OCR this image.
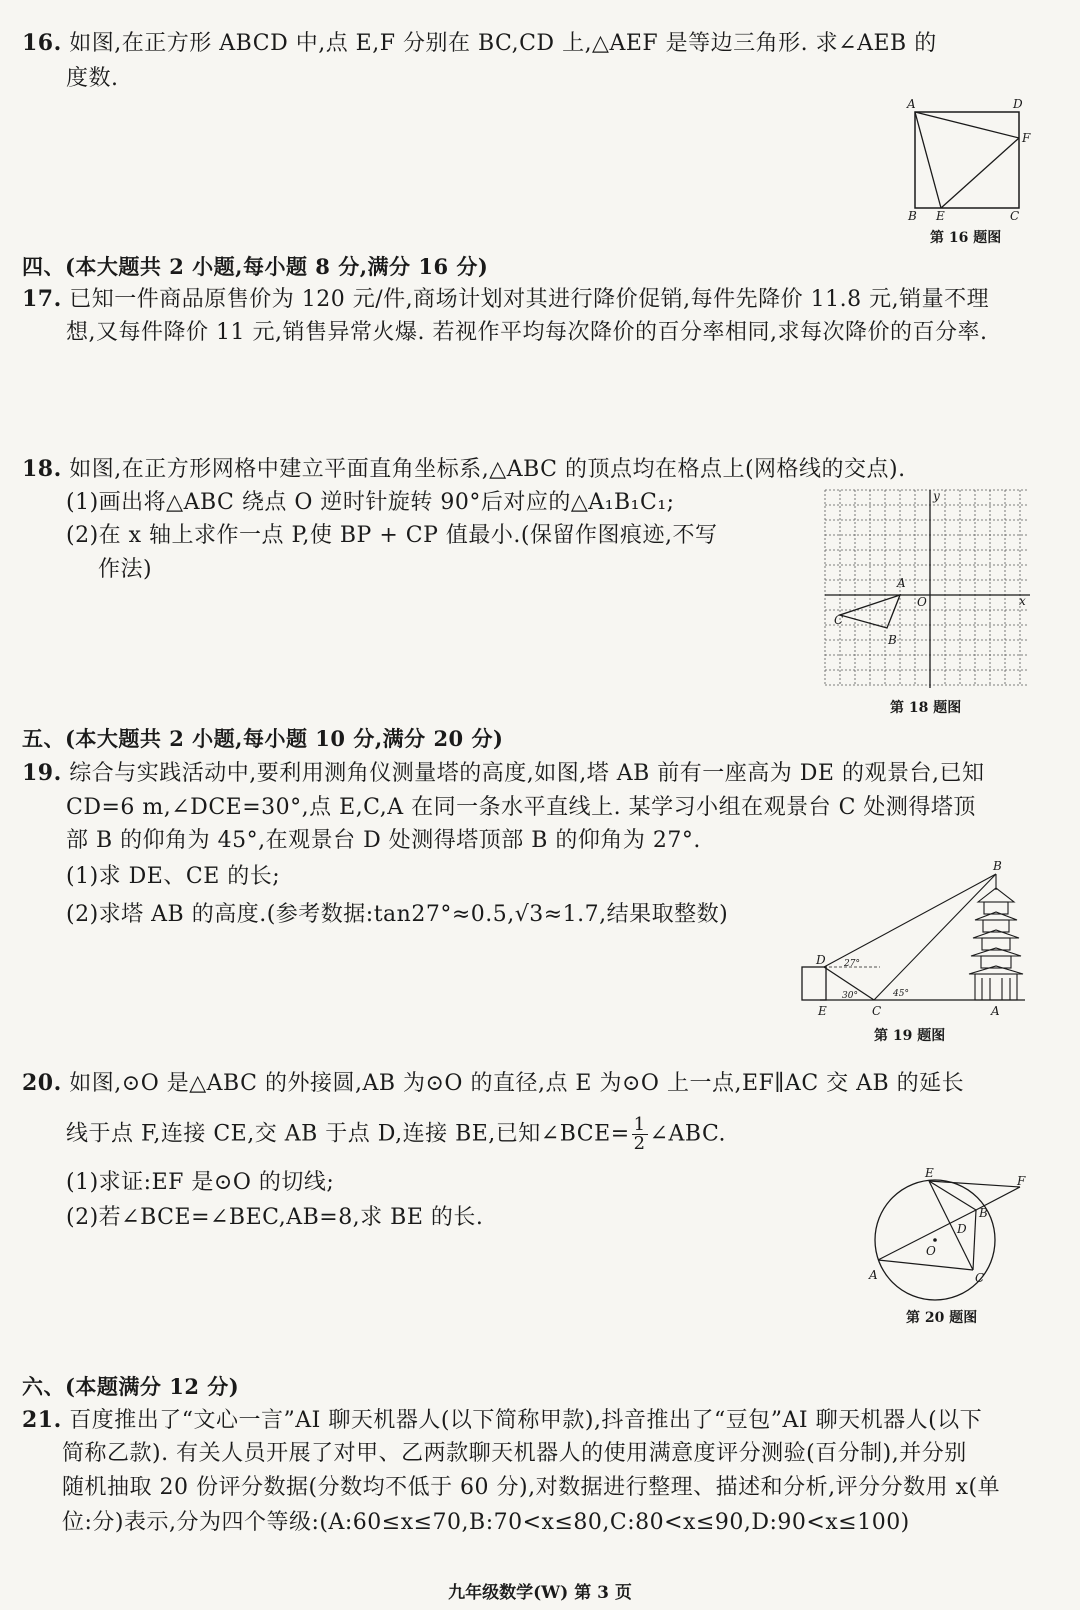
16. 如图,在正方形 ABCD 中,点 E,F 分别在 BC,CD 上,△AEF 是等边三角形. 求∠AEB 的
度数.
A	D
F
B E	C
第 16 题图
四、(本大题共 2 小题,每小题 8 分,满分 16 分)
17. 已知一件商品原售价为 120 元/件,商场计划对其进行降价促销,每件先降价 11.8 元,销量不理
想,又每件降价 11 元,销售异常火爆. 若视作平均每次降价的百分率相同,求每次降价的百分率.
18. 如图,在正方形网格中建立平面直角坐标系,△ABC 的顶点均在格点上(网格线的交点).
(1)画出将△ABC 绕点 O 逆时针旋转 90°后对应的△A₁B₁C₁;
(2)在 x 轴上求作一点 P,使 BP + CP 值最小.(保留作图痕迹,不写
作法)
y
x
O
A
C
B
第 18 题图
五、(本大题共 2 小题,每小题 10 分,满分 20 分)
19. 综合与实践活动中,要利用测角仪测量塔的高度,如图,塔 AB 前有一座高为 DE 的观景台,已知
CD=6 m,∠DCE=30°,点 E,C,A 在同一条水平直线上. 某学习小组在观景台 C 处测得塔顶
部 B 的仰角为 45°,在观景台 D 处测得塔顶部 B 的仰角为 27°.
(1)求 DE、CE 的长;
(2)求塔 AB 的高度.(参考数据:tan27°≈0.5,√3≈1.7,结果取整数)
B
D
E	C	A
27°
30°	45°
第 19 题图
20. 如图,⊙O 是△ABC 的外接圆,AB 为⊙O 的直径,点 E 为⊙O 上一点,EF∥AC 交 AB 的延长
线于点 F,连接 CE,交 AB 于点 D,连接 BE,已知∠BCE= $\frac{1}{2}$ ∠ABC.
(1)求证:EF 是⊙O 的切线;
(2)若∠BCE=∠BEC,AB=8,求 BE 的长.
E
F
B
D
O
A	C
第 20 题图
六、(本题满分 12 分)
21. 百度推出了“文心一言”AI 聊天机器人(以下简称甲款),抖音推出了“豆包”AI 聊天机器人(以下
简称乙款). 有关人员开展了对甲、乙两款聊天机器人的使用满意度评分测验(百分制),并分别
随机抽取 20 份评分数据(分数均不低于 60 分),对数据进行整理、描述和分析,评分分数用 x(单
位:分)表示,分为四个等级:(A:60≤x≤70,B:70<x≤80,C:80<x≤90,D:90<x≤100)
九年级数学(W) 第 3 页
